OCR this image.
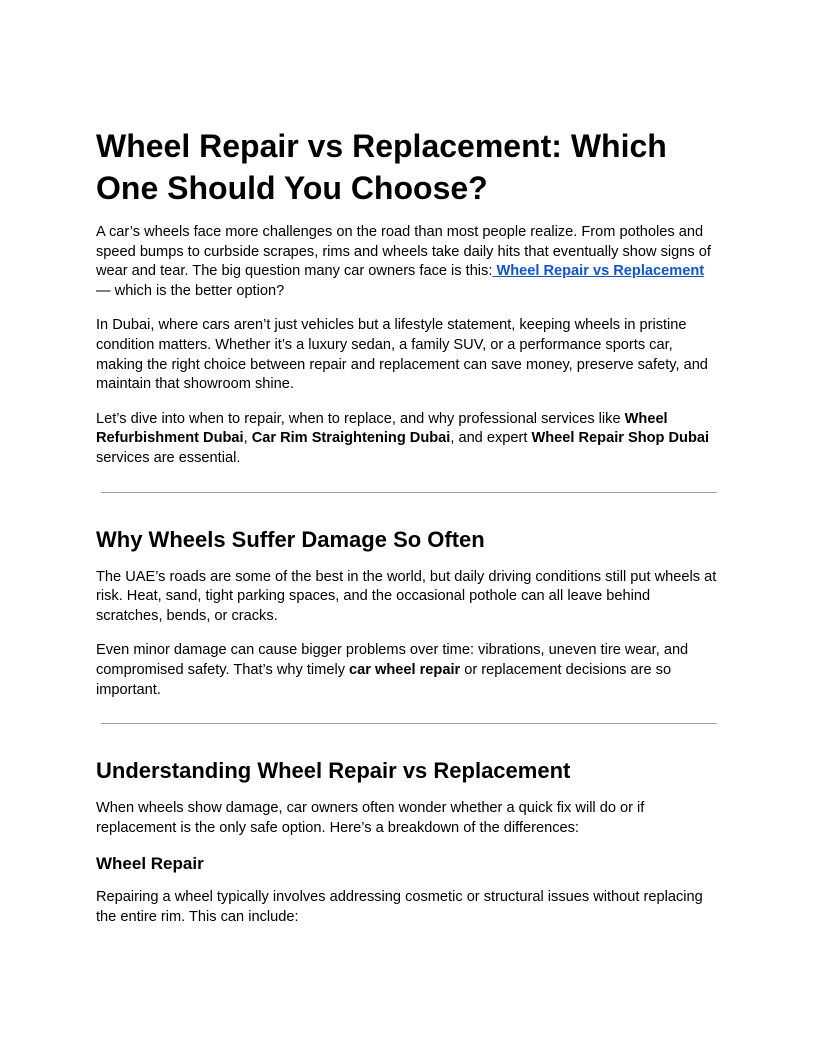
Wheel Repair vs Replacement: Which One Should You Choose?

A car’s wheels face more challenges on the road than most people realize. From potholes and speed bumps to curbside scrapes, rims and wheels take daily hits that eventually show signs of wear and tear. The big question many car owners face is this: Wheel Repair vs Replacement
— which is the better option?

In Dubai, where cars aren’t just vehicles but a lifestyle statement, keeping wheels in pristine condition matters. Whether it’s a luxury sedan, a family SUV, or a performance sports car, making the right choice between repair and replacement can save money, preserve safety, and maintain that showroom shine.

Let’s dive into when to repair, when to replace, and why professional services like Wheel Refurbishment Dubai, Car Rim Straightening Dubai, and expert Wheel Repair Shop Dubai services are essential.

Why Wheels Suffer Damage So Often

The UAE’s roads are some of the best in the world, but daily driving conditions still put wheels at risk. Heat, sand, tight parking spaces, and the occasional pothole can all leave behind scratches, bends, or cracks.

Even minor damage can cause bigger problems over time: vibrations, uneven tire wear, and compromised safety. That’s why timely car wheel repair or replacement decisions are so important.

Understanding Wheel Repair vs Replacement

When wheels show damage, car owners often wonder whether a quick fix will do or if replacement is the only safe option. Here’s a breakdown of the differences:

Wheel Repair

Repairing a wheel typically involves addressing cosmetic or structural issues without replacing the entire rim. This can include:
